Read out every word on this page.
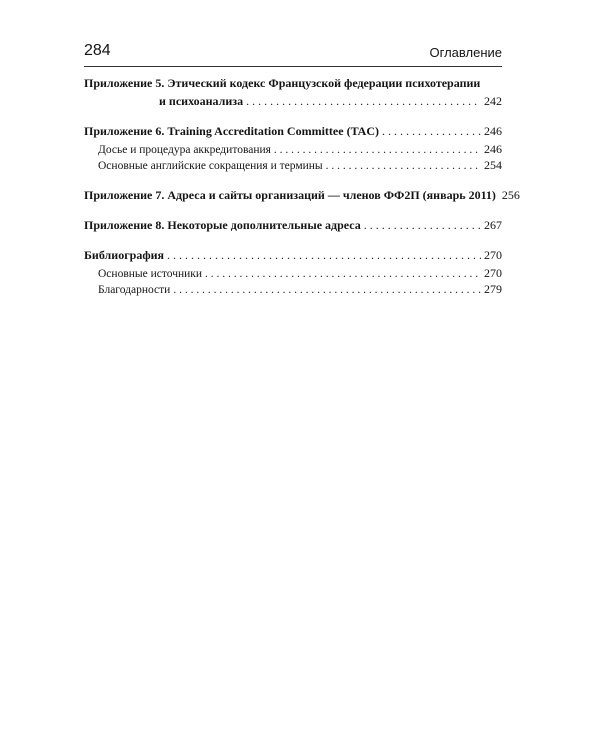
284	Оглавление
Приложение 5. Этический кодекс Французской федерации психотерапии
и психоанализа . . .	242
Приложение 6. Training Accreditation Committee (TAC) . . .	246
Досье и процедура аккредитования . . .	246
Основные английские сокращения и термины . . .	254
Приложение 7. Адреса и сайты организаций — членов ФФ2П (январь 2011) 256
Приложение 8. Некоторые дополнительные адреса . . .	267
Библиография . . .	270
Основные источники . . .	270
Благодарности . . .	279
